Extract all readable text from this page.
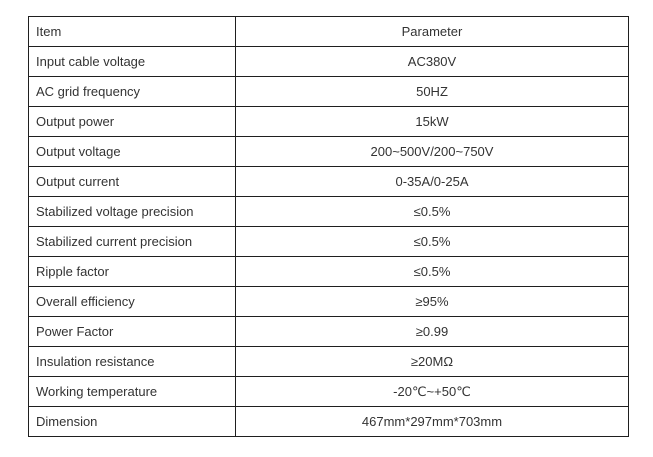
Item	Parameter
Input cable voltage	AC380V
AC grid frequency	50HZ
Output power	15kW
Output voltage	200~500V/200~750V
Output current	0-35A/0-25A
Stabilized voltage precision	≤0.5%
Stabilized current precision	≤0.5%
Ripple factor	≤0.5%
Overall efficiency	≥95%
Power Factor	≥0.99
Insulation resistance	≥20MΩ
Working temperature	-20℃~+50℃
Dimension	467mm*297mm*703mm
